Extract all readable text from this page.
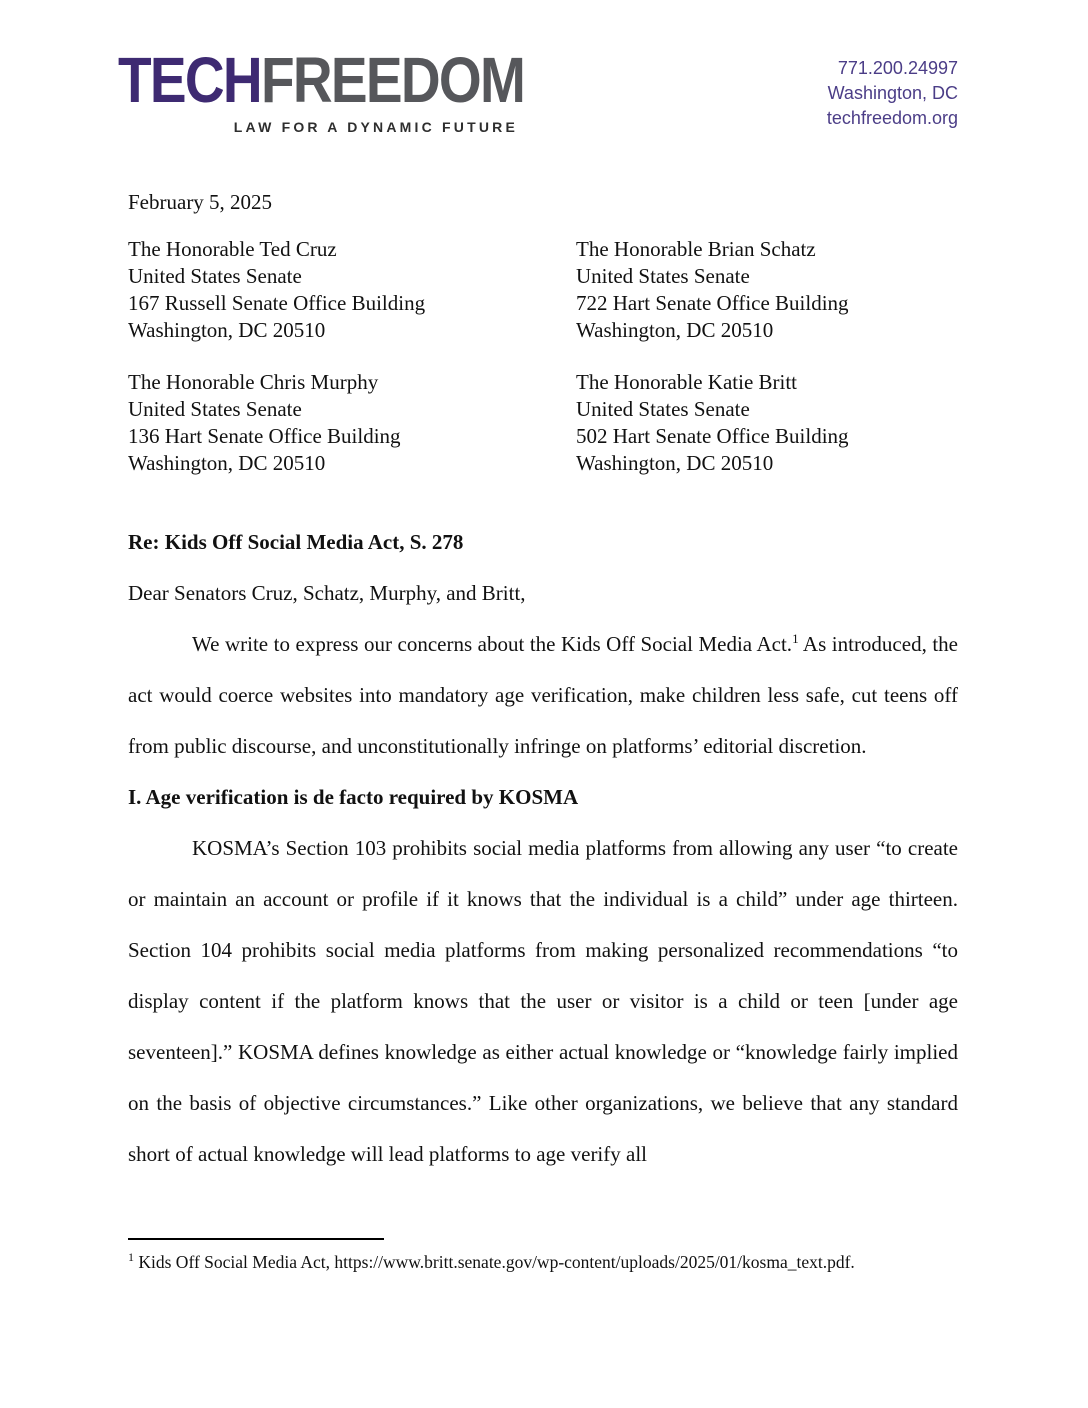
TECHFREEDOM
LAW FOR A DYNAMIC FUTURE
771.200.24997
Washington, DC
techfreedom.org
February 5, 2025
The Honorable Ted Cruz
United States Senate
167 Russell Senate Office Building
Washington, DC 20510
The Honorable Brian Schatz
United States Senate
722 Hart Senate Office Building
Washington, DC 20510
The Honorable Chris Murphy
United States Senate
136 Hart Senate Office Building
Washington, DC 20510
The Honorable Katie Britt
United States Senate
502 Hart Senate Office Building
Washington, DC 20510

Re: Kids Off Social Media Act, S. 278

Dear Senators Cruz, Schatz, Murphy, and Britt,

We write to express our concerns about the Kids Off Social Media Act.$^1$ As introduced, the act would coerce websites into mandatory age verification, make children less safe, cut teens off from public discourse, and unconstitutionally infringe on platforms’ editorial discretion.

I. Age verification is de facto required by KOSMA

KOSMA’s Section 103 prohibits social media platforms from allowing any user “to create or maintain an account or profile if it knows that the individual is a child” under age thirteen. Section 104 prohibits social media platforms from making personalized recommendations “to display content if the platform knows that the user or visitor is a child or teen [under age seventeen].” KOSMA defines knowledge as either actual knowledge or “knowledge fairly implied on the basis of objective circumstances.” Like other organizations, we believe that any standard short of actual knowledge will lead platforms to age verify all

$^1$ Kids Off Social Media Act, https://www.britt.senate.gov/wp-content/uploads/2025/01/kosma_text.pdf.
